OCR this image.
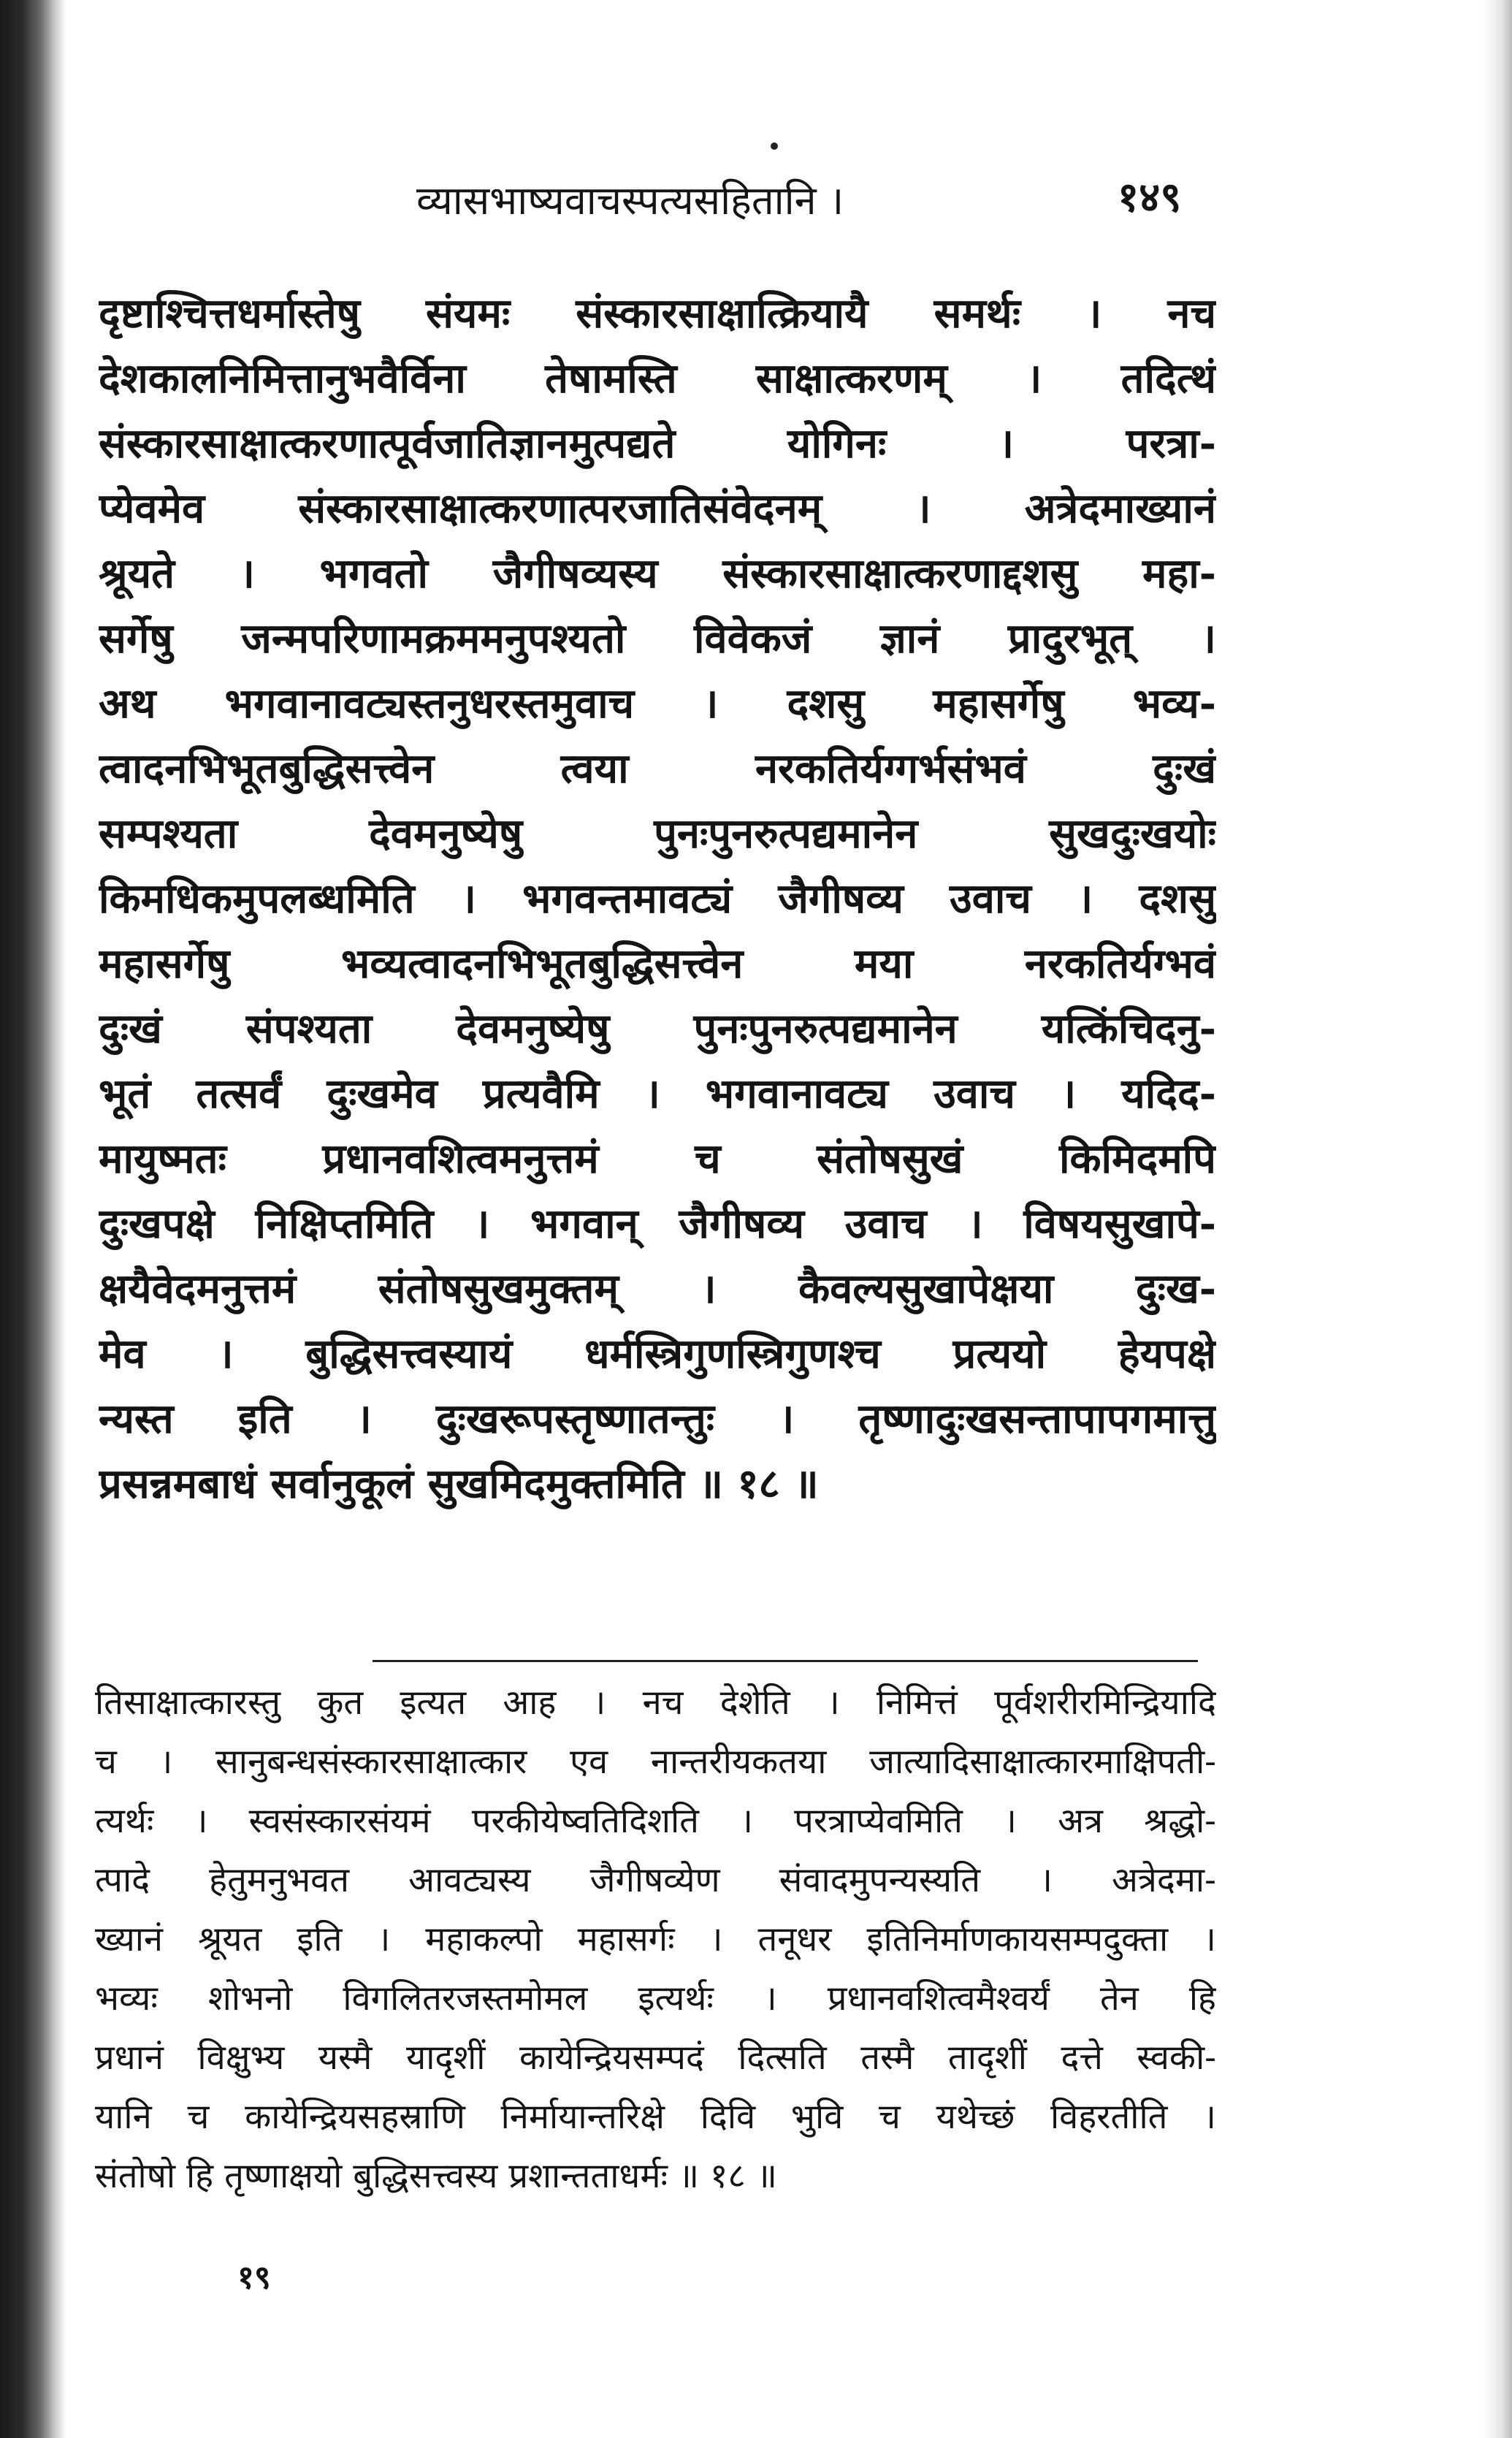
व्यासभाष्यवाचस्पत्यसहितानि ।	१४९
दृष्टाश्चित्तधर्मास्तेषु संयमः संस्कारसाक्षात्क्रियायै समर्थः । नच
देशकालनिमित्तानुभवैर्विना तेषामस्ति साक्षात्करणम् । तदित्थं
संस्कारसाक्षात्करणात्पूर्वजातिज्ञानमुत्पद्यते योगिनः । परत्रा-
प्येवमेव संस्कारसाक्षात्करणात्परजातिसंवेदनम् । अत्रेदमाख्यानं
श्रूयते । भगवतो जैगीषव्यस्य संस्कारसाक्षात्करणाद्दशसु महा-
सर्गेषु जन्मपरिणामक्रममनुपश्यतो विवेकजं ज्ञानं प्रादुरभूत् ।
अथ भगवानावट्यस्तनुधरस्तमुवाच । दशसु महासर्गेषु भव्य-
त्वादनभिभूतबुद्धिसत्त्वेन त्वया नरकतिर्यग्गर्भसंभवं दुःखं
सम्पश्यता देवमनुष्येषु पुनःपुनरुत्पद्यमानेन सुखदुःखयोः
किमधिकमुपलब्धमिति । भगवन्तमावट्यं जैगीषव्य उवाच । दशसु
महासर्गेषु भव्यत्वादनभिभूतबुद्धिसत्त्वेन मया नरकतिर्यग्भवं
दुःखं संपश्यता देवमनुष्येषु पुनःपुनरुत्पद्यमानेन यत्किंचिदनु-
भूतं तत्सर्वं दुःखमेव प्रत्यवैमि । भगवानावट्य उवाच । यदिद-
मायुष्मतः प्रधानवशित्वमनुत्तमं च संतोषसुखं किमिदमपि
दुःखपक्षे निक्षिप्तमिति । भगवान् जैगीषव्य उवाच । विषयसुखापे-
क्षयैवेदमनुत्तमं संतोषसुखमुक्तम् । कैवल्यसुखापेक्षया दुःख-
मेव । बुद्धिसत्त्वस्यायं धर्मस्त्रिगुणस्त्रिगुणश्च प्रत्ययो हेयपक्षे
न्यस्त इति । दुःखरूपस्तृष्णातन्तुः । तृष्णादुःखसन्तापापगमात्तु
प्रसन्नमबाधं सर्वानुकूलं सुखमिदमुक्तमिति ॥ १८ ॥
तिसाक्षात्कारस्तु कुत इत्यत आह । नच देशेति । निमित्तं पूर्वशरीरमिन्द्रियादि
च । सानुबन्धसंस्कारसाक्षात्कार एव नान्तरीयकतया जात्यादिसाक्षात्कारमाक्षिपती-
त्यर्थः । स्वसंस्कारसंयमं परकीयेष्वतिदिशति । परत्राप्येवमिति । अत्र श्रद्धो-
त्पादे हेतुमनुभवत आवट्यस्य जैगीषव्येण संवादमुपन्यस्यति । अत्रेदमा-
ख्यानं श्रूयत इति । महाकल्पो महासर्गः । तनूधर इतिनिर्माणकायसम्पदुक्ता ।
भव्यः शोभनो विगलितरजस्तमोमल इत्यर्थः । प्रधानवशित्वमैश्वर्यं तेन हि
प्रधानं विक्षुभ्य यस्मै यादृशीं कायेन्द्रियसम्पदं दित्सति तस्मै तादृशीं दत्ते स्वकी-
यानि च कायेन्द्रियसहस्राणि निर्मायान्तरिक्षे दिवि भुवि च यथेच्छं विहरतीति ।
संतोषो हि तृष्णाक्षयो बुद्धिसत्त्वस्य प्रशान्तताधर्मः ॥ १८ ॥
१९
